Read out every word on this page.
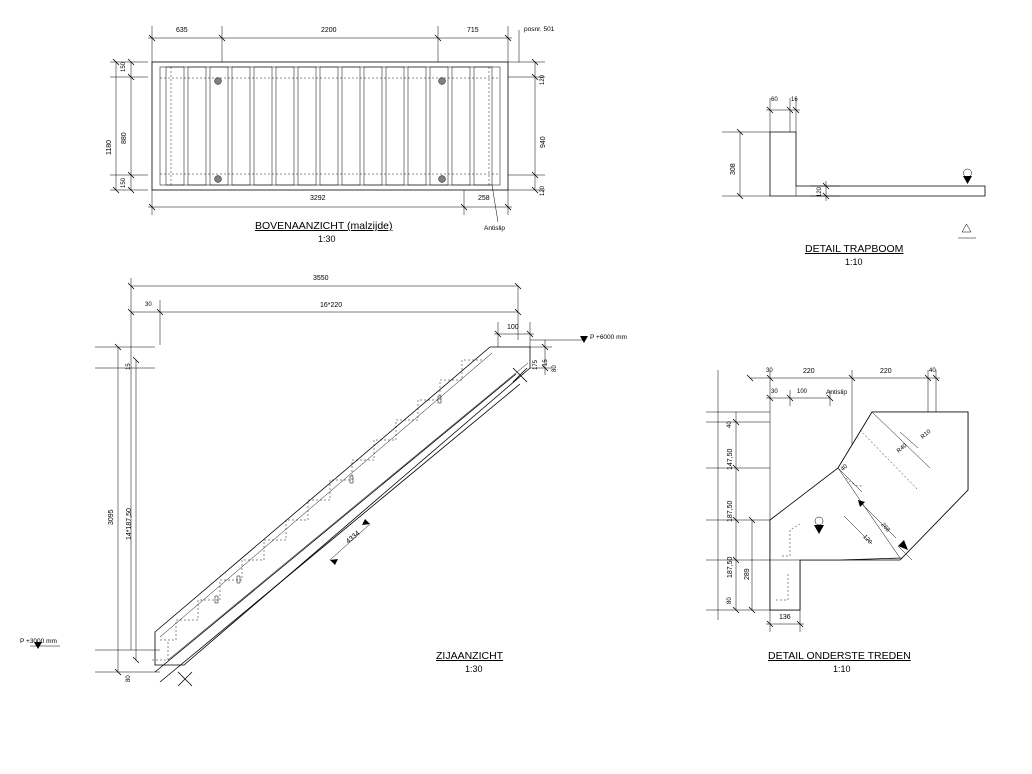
635	2200	715	posnr. 501
150
880
150
1180
120
940
120
3292	258
Antislip
BOVENAANZICHT (malzijde)
1:30
3550
16*220
30
100
3095 14*187,50
15
80
175 15
80
4334
P +6000 mm
P +3000 mm
ZIJAANZICHT
1:30
60 16
308
120
DETAIL TRAPBOOM
1:10
30	220	220	40
30	100	Antislip
40
147,50
187,50
187,50
80
289
136
R40
R10
40
268
120
DETAIL ONDERSTE TREDEN
1:10
